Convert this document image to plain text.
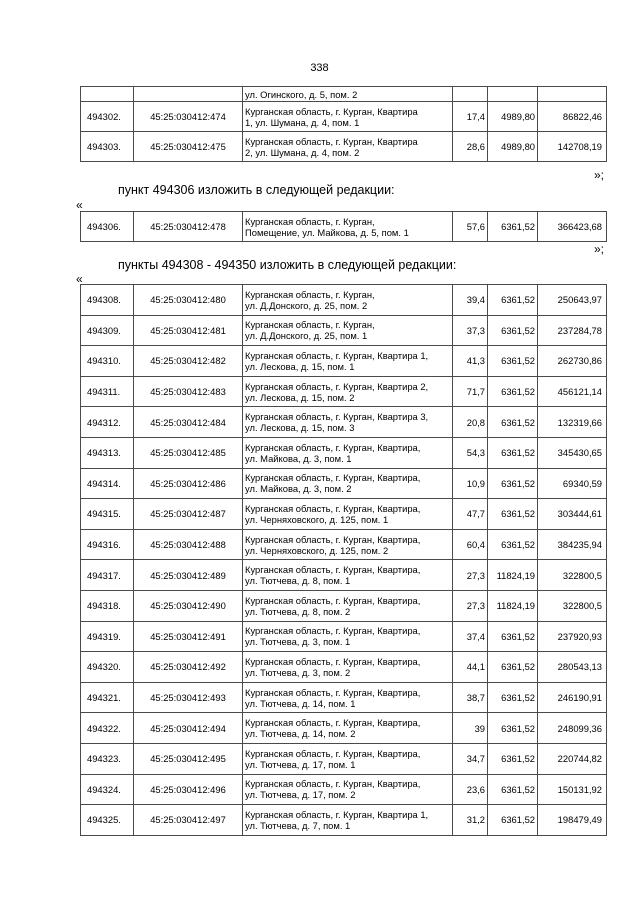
338
		ул. Огинского, д. 5, пом. 2			
494302.	45:25:030412:474	Курганская область, г. Курган, Квартира
1, ул. Шумана, д. 4, пом. 1	17,4	4989,80	86822,46
494303.	45:25:030412:475	Курганская область, г. Курган, Квартира
2, ул. Шумана, д. 4, пом. 2	28,6	4989,80	142708,19
»;
пункт 494306 изложить в следующей редакции:
«
494306.	45:25:030412:478	Курганская область, г. Курган,
Помещение, ул. Майкова, д. 5, пом. 1	57,6	6361,52	366423,68
»;
пункты 494308 - 494350 изложить в следующей редакции:
«
494308.	45:25:030412:480	Курганская область, г. Курган,
ул. Д.Донского, д. 25, пом. 2	39,4	6361,52	250643,97
494309.	45:25:030412:481	Курганская область, г. Курган,
ул. Д.Донского, д. 25, пом. 1	37,3	6361,52	237284,78
494310.	45:25:030412:482	Курганская область, г. Курган, Квартира 1,
ул. Лескова, д. 15, пом. 1	41,3	6361,52	262730,86
494311.	45:25:030412:483	Курганская область, г. Курган, Квартира 2,
ул. Лескова, д. 15, пом. 2	71,7	6361,52	456121,14
494312.	45:25:030412:484	Курганская область, г. Курган, Квартира 3,
ул. Лескова, д. 15, пом. 3	20,8	6361,52	132319,66
494313.	45:25:030412:485	Курганская область, г. Курган, Квартира,
ул. Майкова, д. 3, пом. 1	54,3	6361,52	345430,65
494314.	45:25:030412:486	Курганская область, г. Курган, Квартира,
ул. Майкова, д. 3, пом. 2	10,9	6361,52	69340,59
494315.	45:25:030412:487	Курганская область, г. Курган, Квартира,
ул. Черняховского, д. 125, пом. 1	47,7	6361,52	303444,61
494316.	45:25:030412:488	Курганская область, г. Курган, Квартира,
ул. Черняховского, д. 125, пом. 2	60,4	6361,52	384235,94
494317.	45:25:030412:489	Курганская область, г. Курган, Квартира,
ул. Тютчева, д. 8, пом. 1	27,3	11824,19	322800,5
494318.	45:25:030412:490	Курганская область, г. Курган, Квартира,
ул. Тютчева, д. 8, пом. 2	27,3	11824,19	322800,5
494319.	45:25:030412:491	Курганская область, г. Курган, Квартира,
ул. Тютчева, д. 3, пом. 1	37,4	6361,52	237920,93
494320.	45:25:030412:492	Курганская область, г. Курган, Квартира,
ул. Тютчева, д. 3, пом. 2	44,1	6361,52	280543,13
494321.	45:25:030412:493	Курганская область, г. Курган, Квартира,
ул. Тютчева, д. 14, пом. 1	38,7	6361,52	246190,91
494322.	45:25:030412:494	Курганская область, г. Курган, Квартира,
ул. Тютчева, д. 14, пом. 2	39	6361,52	248099,36
494323.	45:25:030412:495	Курганская область, г. Курган, Квартира,
ул. Тютчева, д. 17, пом. 1	34,7	6361,52	220744,82
494324.	45:25:030412:496	Курганская область, г. Курган, Квартира,
ул. Тютчева, д. 17, пом. 2	23,6	6361,52	150131,92
494325.	45:25:030412:497	Курганская область, г. Курган, Квартира 1,
ул. Тютчева, д. 7, пом. 1	31,2	6361,52	198479,49
